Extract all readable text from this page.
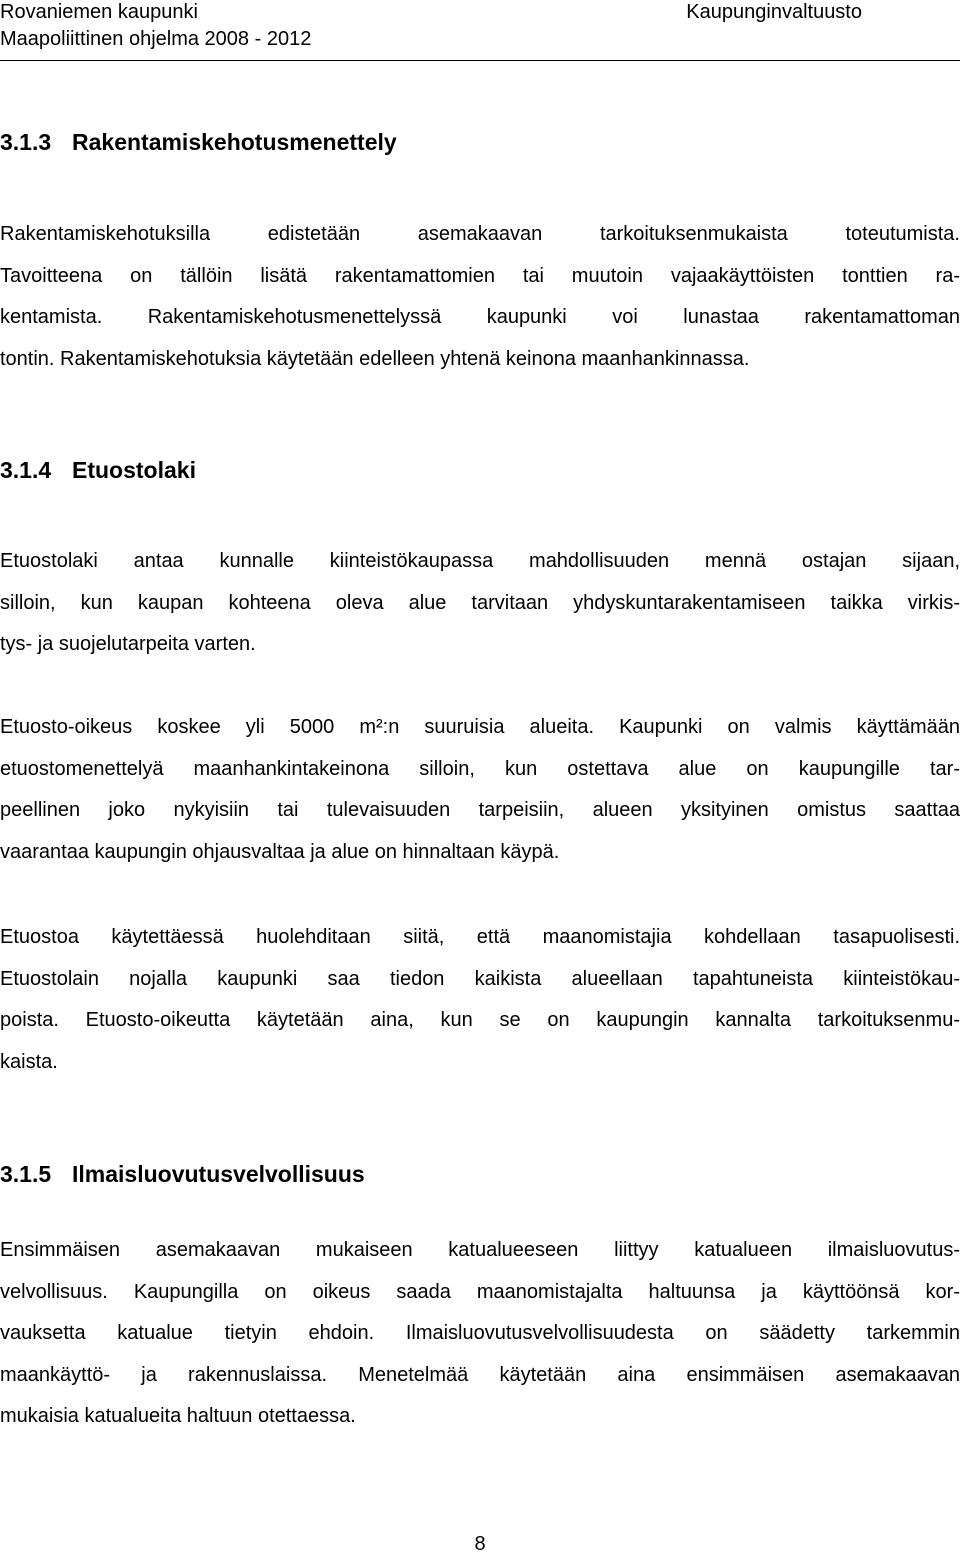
Rovaniemen kaupunki	Kaupunginvaltuusto
Maapoliittinen ohjelma 2008 - 2012
3.1.3 Rakentamiskehotusmenettely
Rakentamiskehotuksilla edistetään asemakaavan tarkoituksenmukaista toteutumista.
Tavoitteena on tällöin lisätä rakentamattomien tai muutoin vajaakäyttöisten tonttien ra-
kentamista. Rakentamiskehotusmenettelyssä kaupunki voi lunastaa rakentamattoman
tontin. Rakentamiskehotuksia käytetään edelleen yhtenä keinona maanhankinnassa.
3.1.4 Etuostolaki
Etuostolaki antaa kunnalle kiinteistökaupassa mahdollisuuden mennä ostajan sijaan,
silloin, kun kaupan kohteena oleva alue tarvitaan yhdyskuntarakentamiseen taikka virkis-
tys- ja suojelutarpeita varten.
Etuosto-oikeus koskee yli 5000 m²:n suuruisia alueita. Kaupunki on valmis käyttämään
etuostomenettelyä maanhankintakeinona silloin, kun ostettava alue on kaupungille tar-
peellinen joko nykyisiin tai tulevaisuuden tarpeisiin, alueen yksityinen omistus saattaa
vaarantaa kaupungin ohjausvaltaa ja alue on hinnaltaan käypä.
Etuostoa käytettäessä huolehditaan siitä, että maanomistajia kohdellaan tasapuolisesti.
Etuostolain nojalla kaupunki saa tiedon kaikista alueellaan tapahtuneista kiinteistökau-
poista. Etuosto-oikeutta käytetään aina, kun se on kaupungin kannalta tarkoituksenmu-
kaista.
3.1.5 Ilmaisluovutusvelvollisuus
Ensimmäisen asemakaavan mukaiseen katualueeseen liittyy katualueen ilmaisluovutus-
velvollisuus. Kaupungilla on oikeus saada maanomistajalta haltuunsa ja käyttöönsä kor-
vauksetta katualue tietyin ehdoin. Ilmaisluovutusvelvollisuudesta on säädetty tarkemmin
maankäyttö- ja rakennuslaissa. Menetelmää käytetään aina ensimmäisen asemakaavan
mukaisia katualueita haltuun otettaessa.
8
